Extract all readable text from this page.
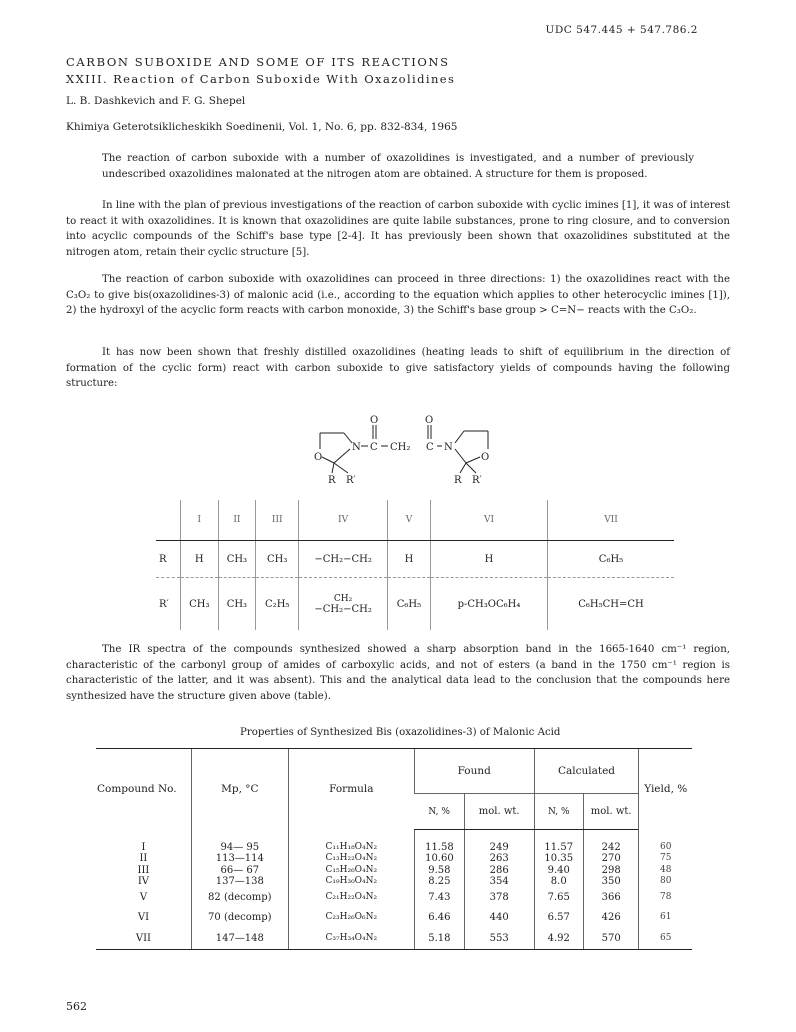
UDC 547.445 + 547.786.2
CARBON SUBOXIDE AND SOME OF ITS REACTIONS
XXIII. Reaction of Carbon Suboxide With Oxazolidines
L. B. Dashkevich and F. G. Shepel
Khimiya Geterotsiklicheskikh Soedinenii, Vol. 1, No. 6, pp. 832-834, 1965

The reaction of carbon suboxide with a number of oxazolidines is investigated, and a number of previously undescribed oxazolidines malonated at the nitrogen atom are obtained. A structure for them is proposed.

In line with the plan of previous investigations of the reaction of carbon suboxide with cyclic imines [1], it was of interest to react it with oxazolidines. It is known that oxazolidines are quite labile substances, prone to ring closure, and to conversion into acyclic compounds of the Schiff's base type [2-4]. It has previously been shown that oxazolidines substituted at the nitrogen atom, retain their cyclic structure [5].

The reaction of carbon suboxide with oxazolidines can proceed in three directions: 1) the oxazolidines react with the C₃O₂ to give bis(oxazolidines-3) of malonic acid (i.e., according to the equation which applies to other heterocyclic imines [1]), 2) the hydroxyl of the acyclic form reacts with carbon monoxide, 3) the Schiff's base group > C=N− reacts with the C₃O₂.

It has now been shown that freshly distilled oxazolidines (heating leads to shift of equilibrium in the direction of formation of the cyclic form) react with carbon suboxide to give satisfactory yields of compounds having the following structure:

O	O
N C CH₂ C N
O	O
R R′	R R′
	I	II	III	IV	V	VI	VII
R	H	CH₃	CH₃	−CH₂−CH₂	H	H	C₆H₅
R′	CH₃	CH₃	C₂H₅	CH₂
−CH₂−CH₂	C₆H₅	p-CH₃OC₆H₄	C₆H₅CH=CH

The IR spectra of the compounds synthesized showed a sharp absorption band in the 1665-1640 cm⁻¹ region, characteristic of the carbonyl group of amides of carboxylic acids, and not of esters (a band in the 1750 cm⁻¹ region is characteristic of the latter, and it was absent). This and the analytical data lead to the conclusion that the compounds here synthesized have the structure given above (table).

Properties of Synthesized Bis (oxazolidines-3) of Malonic Acid
Compound No.	Mp, °C	Formula	Found		Calculated		Yield, %
			N, %	mol. wt.	N, %	mol. wt.	

I	94— 95	C₁₁H₁₈O₄N₂	11.58	249	11.57	242	60
II	113—114	C₁₃H₂₂O₄N₂	10.60	263	10.35	270	75
III	66— 67	C₁₅H₂₆O₄N₂	9.58	286	9.40	298	48
IV	137—138	C₁₉H₃₀O₄N₂	8.25	354	8.0	350	80
V	82 (decomp)	C₂₁H₂₂O₄N₂	7.43	378	7.65	366	78
VI	70 (decomp)	C₂₃H₂₆O₆N₂	6.46	440	6.57	426	61
VII	147—148	C₃₇H₃₄O₄N₂	5.18	553	4.92	570	65
562
